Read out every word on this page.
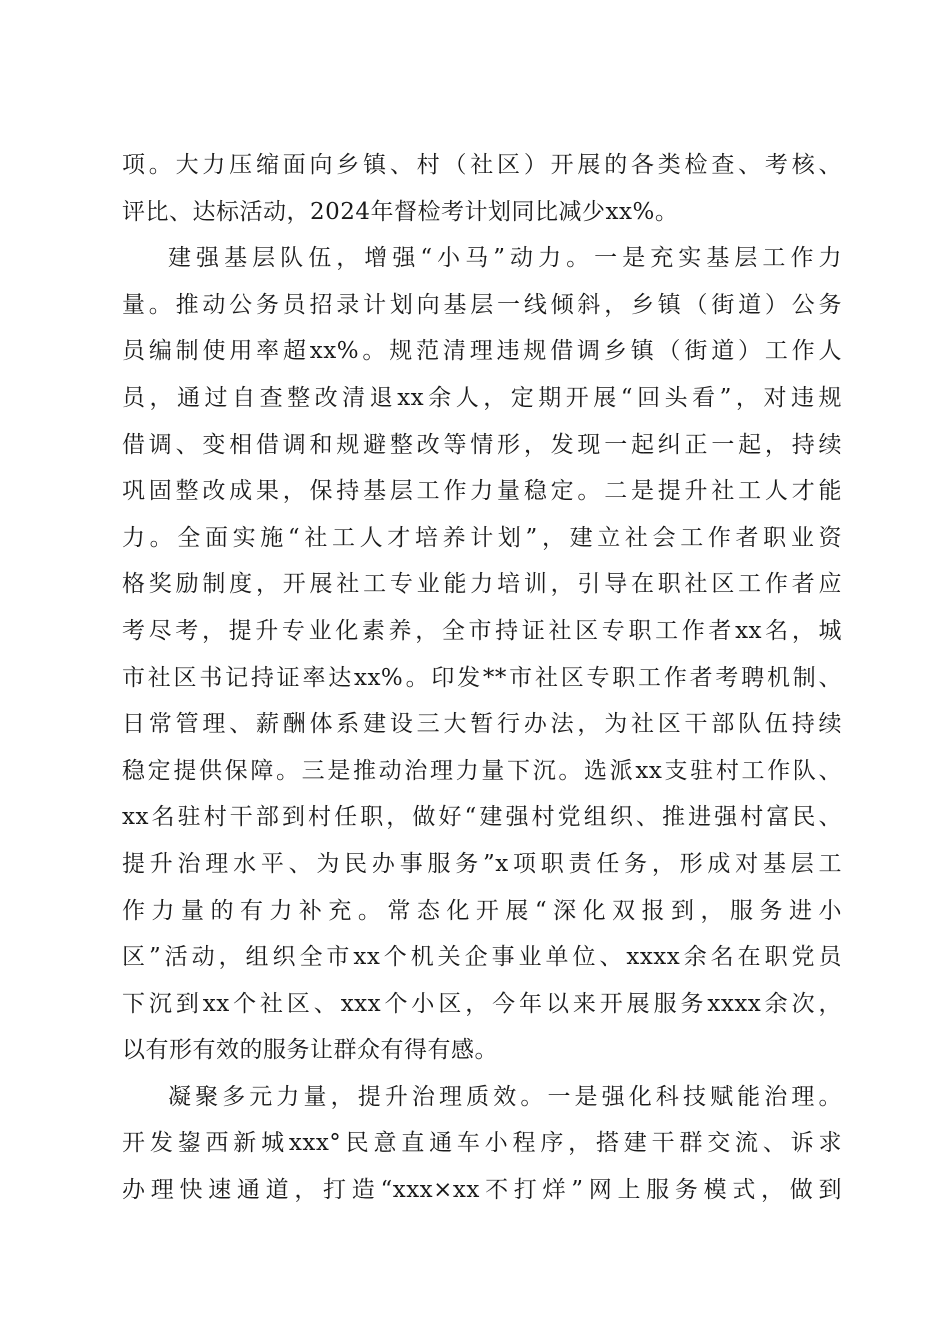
项。大力压缩面向乡镇、村（社区）开展的各类检查、考核、
评比、达标活动，2024年督检考计划同比减少xx%。
建强基层队伍，增强“小马”动力。一是充实基层工作力
量。推动公务员招录计划向基层一线倾斜，乡镇（街道）公务
员编制使用率超xx%。规范清理违规借调乡镇（街道）工作人
员，通过自查整改清退xx余人，定期开展“回头看”，对违规
借调、变相借调和规避整改等情形，发现一起纠正一起，持续
巩固整改成果，保持基层工作力量稳定。二是提升社工人才能
力。全面实施“社工人才培养计划”，建立社会工作者职业资
格奖励制度，开展社工专业能力培训，引导在职社区工作者应
考尽考，提升专业化素养，全市持证社区专职工作者xx名，城
市社区书记持证率达xx%。印发**市社区专职工作者考聘机制、
日常管理、薪酬体系建设三大暂行办法，为社区干部队伍持续
稳定提供保障。三是推动治理力量下沉。选派xx支驻村工作队、
xx名驻村干部到村任职，做好“建强村党组织、推进强村富民、
提升治理水平、为民办事服务”x项职责任务，形成对基层工
作力量的有力补充。常态化开展“深化双报到，服务进小
区”活动，组织全市xx个机关企事业单位、xxxx余名在职党员
下沉到xx个社区、xxx个小区，今年以来开展服务xxxx余次，
以有形有效的服务让群众有得有感。
凝聚多元力量，提升治理质效。一是强化科技赋能治理。
开发鋆西新城xxx°民意直通车小程序，搭建干群交流、诉求
办理快速通道，打造“xxx×xx不打烊”网上服务模式，做到
